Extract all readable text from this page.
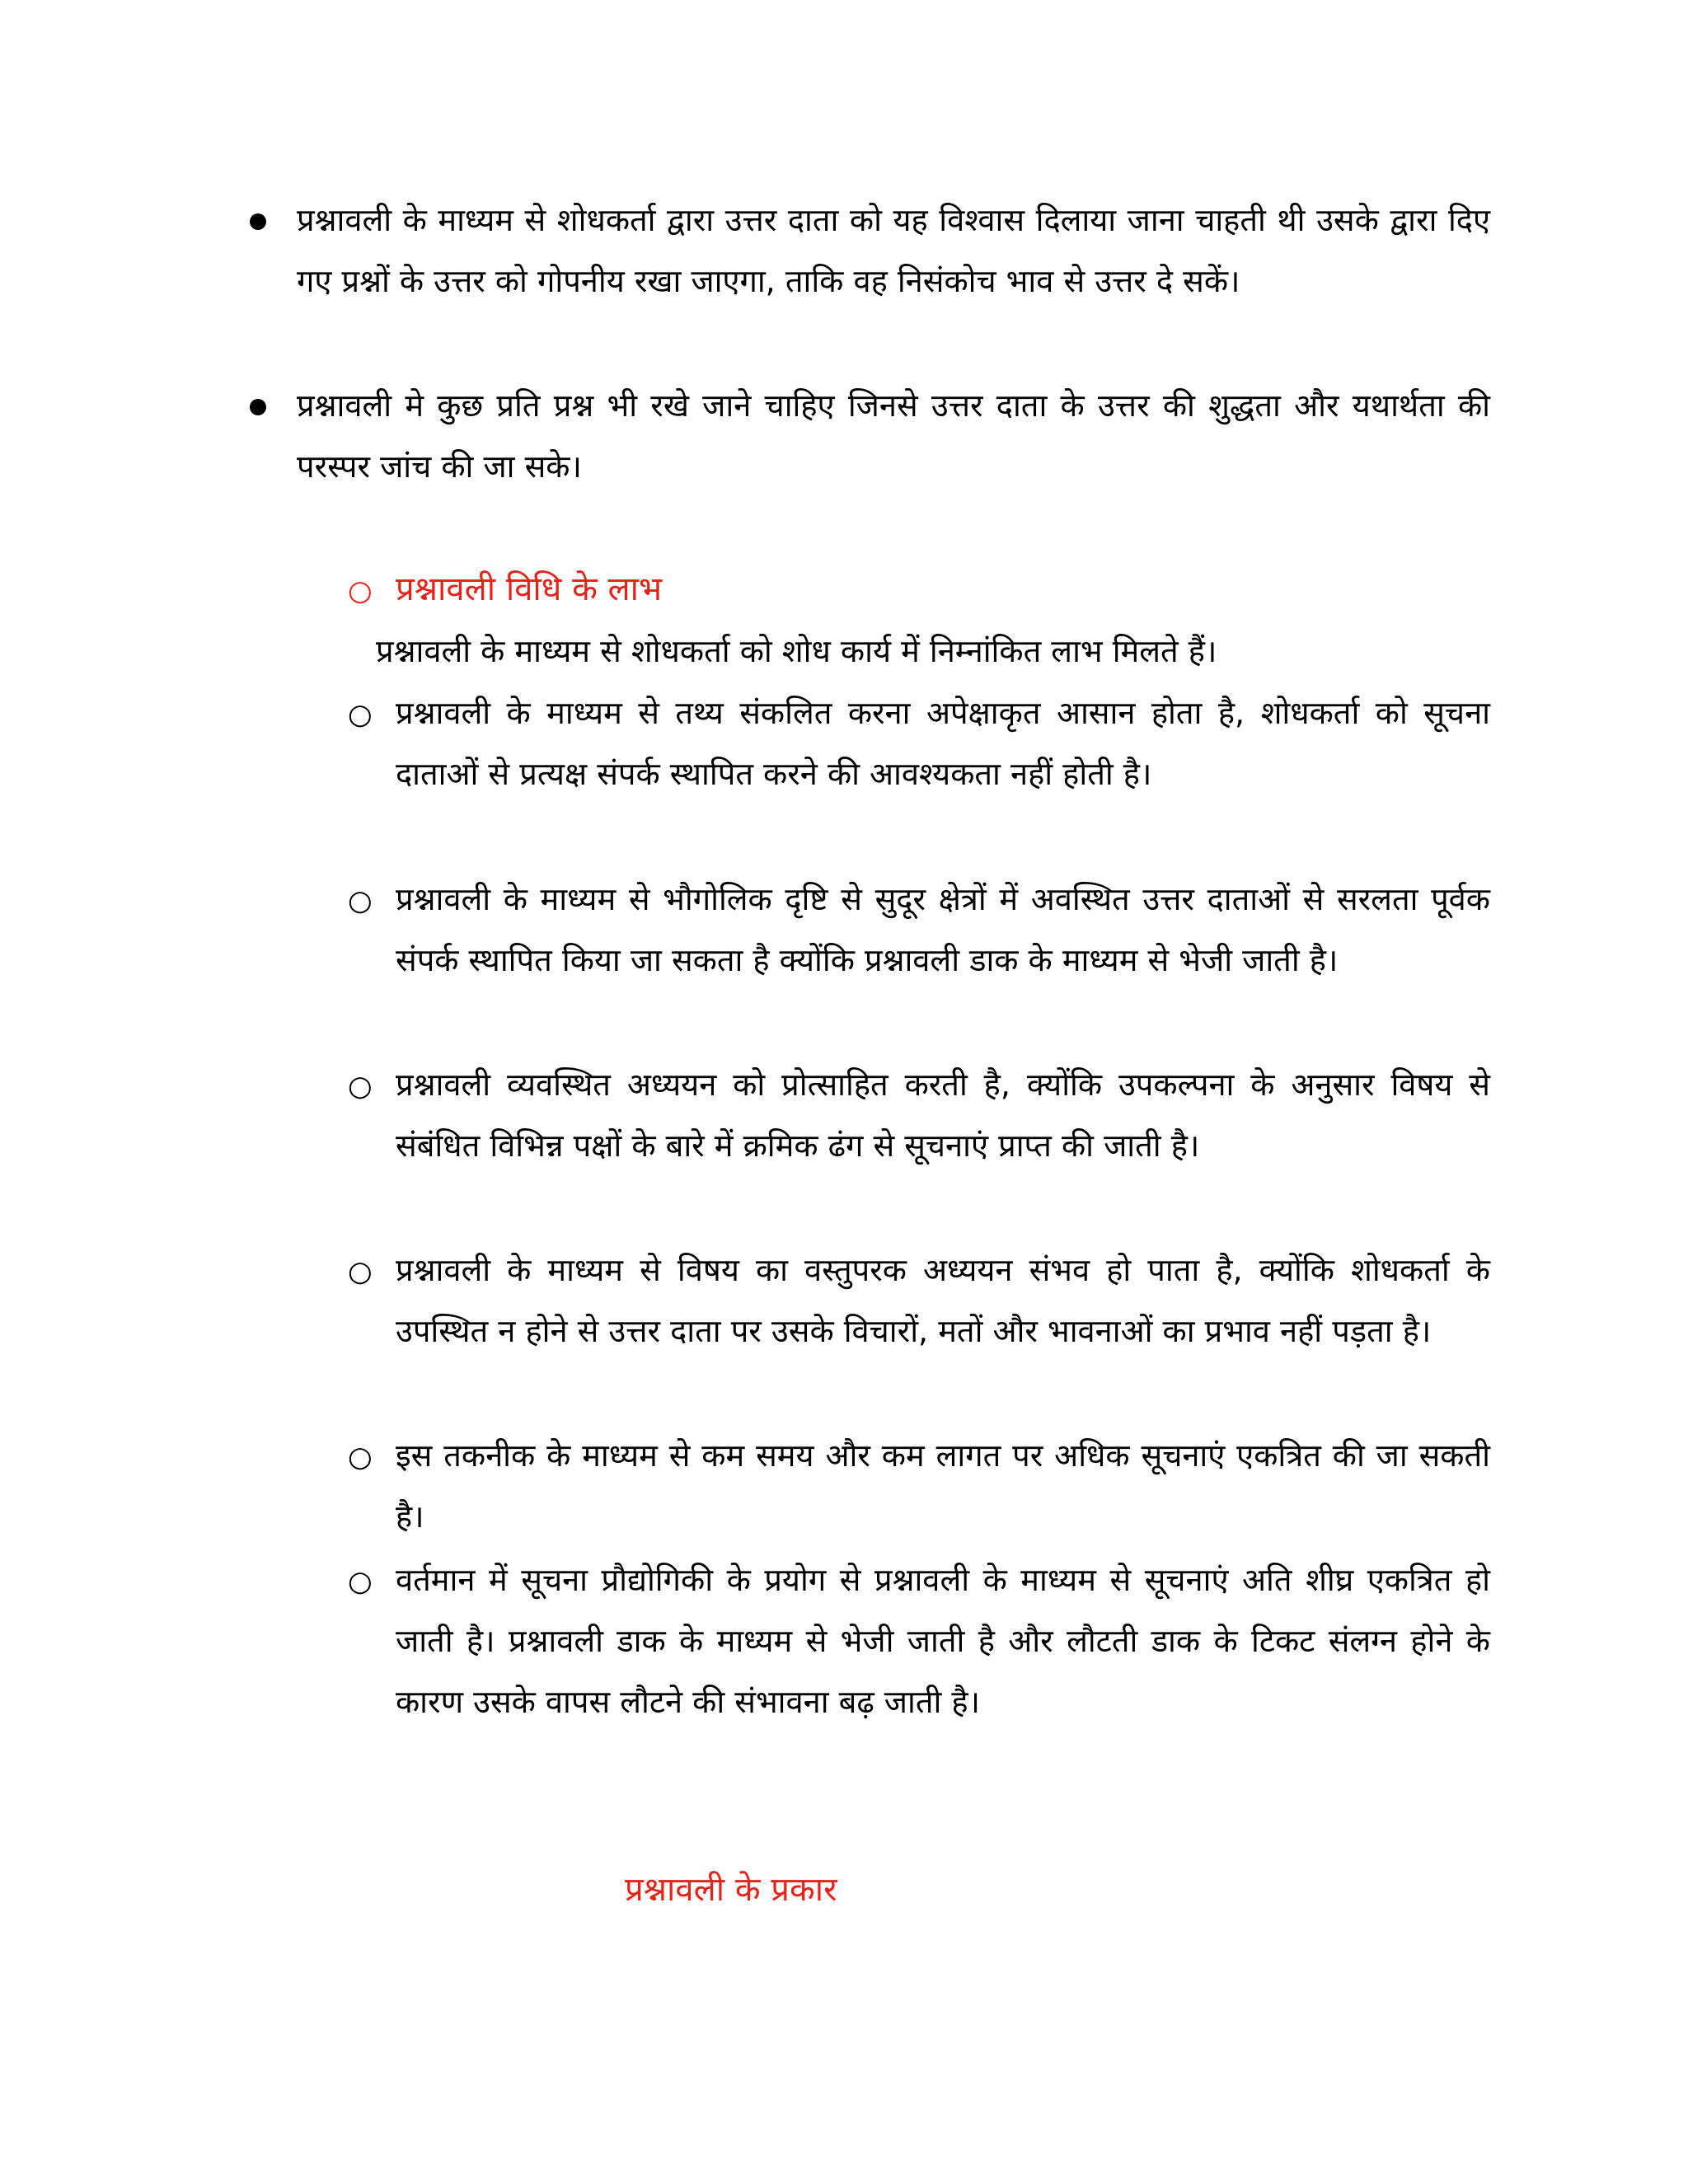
प्रश्नावली के माध्यम से शोधकर्ता द्वारा उत्तर दाता को यह विश्वास दिलाया जाना चाहती थी उसके द्वारा दिए गए प्रश्नों के उत्तर को गोपनीय रखा जाएगा, ताकि वह निसंकोच भाव से उत्तर दे सकें।

प्रश्नावली मे कुछ प्रति प्रश्न भी रखे जाने चाहिए जिनसे उत्तर दाता के उत्तर की शुद्धता और यथार्थता की परस्पर जांच की जा सके।

○ प्रश्नावली विधि के लाभ
प्रश्नावली के माध्यम से शोधकर्ता को शोध कार्य में निम्नांकित लाभ मिलते हैं।
○ प्रश्नावली के माध्यम से तथ्य संकलित करना अपेक्षाकृत आसान होता है, शोधकर्ता को सूचना दाताओं से प्रत्यक्ष संपर्क स्थापित करने की आवश्यकता नहीं होती है।

○ प्रश्नावली के माध्यम से भौगोलिक दृष्टि से सुदूर क्षेत्रों में अवस्थित उत्तर दाताओं से सरलता पूर्वक संपर्क स्थापित किया जा सकता है क्योंकि प्रश्नावली डाक के माध्यम से भेजी जाती है।

○ प्रश्नावली व्यवस्थित अध्ययन को प्रोत्साहित करती है, क्योंकि उपकल्पना के अनुसार विषय से संबंधित विभिन्न पक्षों के बारे में क्रमिक ढंग से सूचनाएं प्राप्त की जाती है।

○ प्रश्नावली के माध्यम से विषय का वस्तुपरक अध्ययन संभव हो पाता है, क्योंकि शोधकर्ता के उपस्थित न होने से उत्तर दाता पर उसके विचारों, मतों और भावनाओं का प्रभाव नहीं पड़ता है।

○ इस तकनीक के माध्यम से कम समय और कम लागत पर अधिक सूचनाएं एकत्रित की जा सकती है।

○ वर्तमान में सूचना प्रौद्योगिकी के प्रयोग से प्रश्नावली के माध्यम से सूचनाएं अति शीघ्र एकत्रित हो जाती है। प्रश्नावली डाक के माध्यम से भेजी जाती है और लौटती डाक के टिकट संलग्न होने के कारण उसके वापस लौटने की संभावना बढ़ जाती है।

प्रश्नावली के प्रकार
